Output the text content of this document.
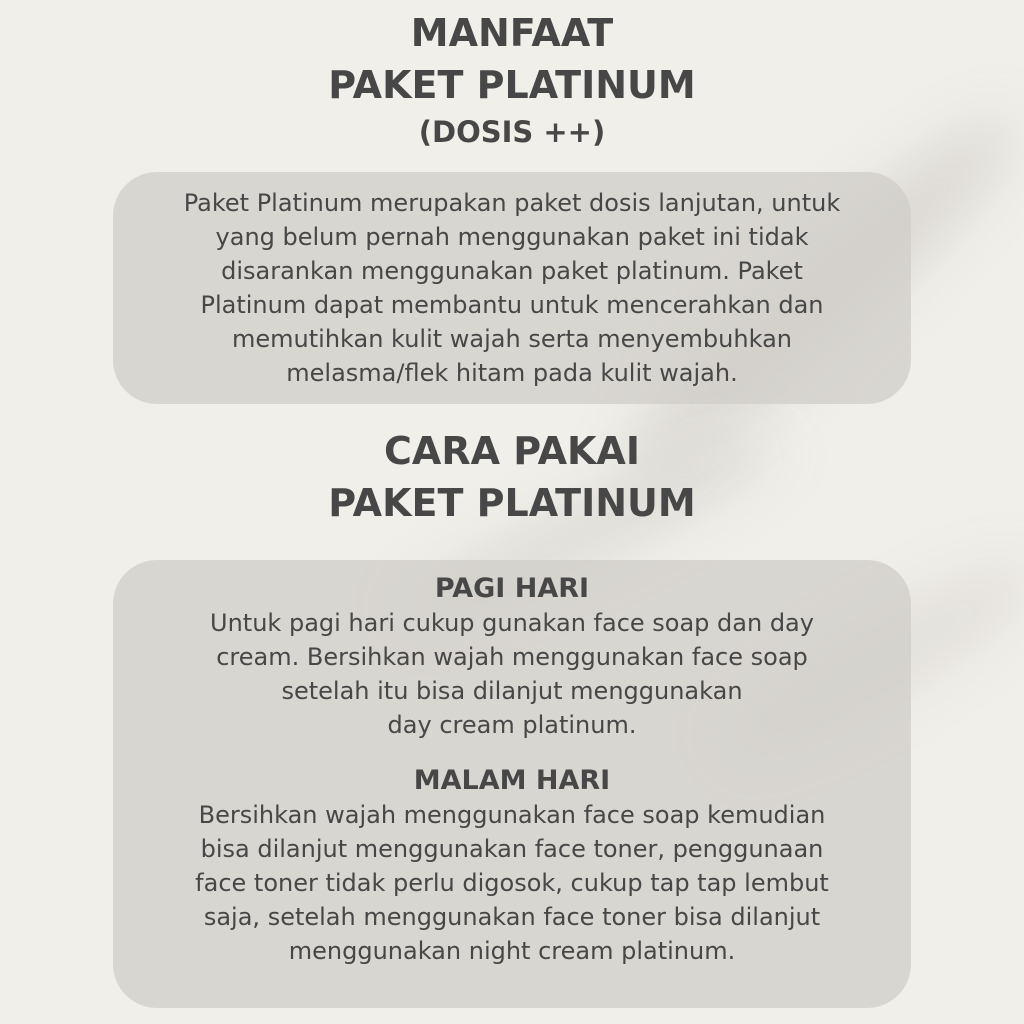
MANFAAT
PAKET PLATINUM
(DOSIS ++)
Paket Platinum merupakan paket dosis lanjutan, untuk
yang belum pernah menggunakan paket ini tidak
disarankan menggunakan paket platinum. Paket
Platinum dapat membantu untuk mencerahkan dan
memutihkan kulit wajah serta menyembuhkan
melasma/flek hitam pada kulit wajah.
CARA PAKAI
PAKET PLATINUM
PAGI HARI
Untuk pagi hari cukup gunakan face soap dan day
cream. Bersihkan wajah menggunakan face soap
setelah itu bisa dilanjut menggunakan
day cream platinum.
MALAM HARI
Bersihkan wajah menggunakan face soap kemudian
bisa dilanjut menggunakan face toner, penggunaan
face toner tidak perlu digosok, cukup tap tap lembut
saja, setelah menggunakan face toner bisa dilanjut
menggunakan night cream platinum.
